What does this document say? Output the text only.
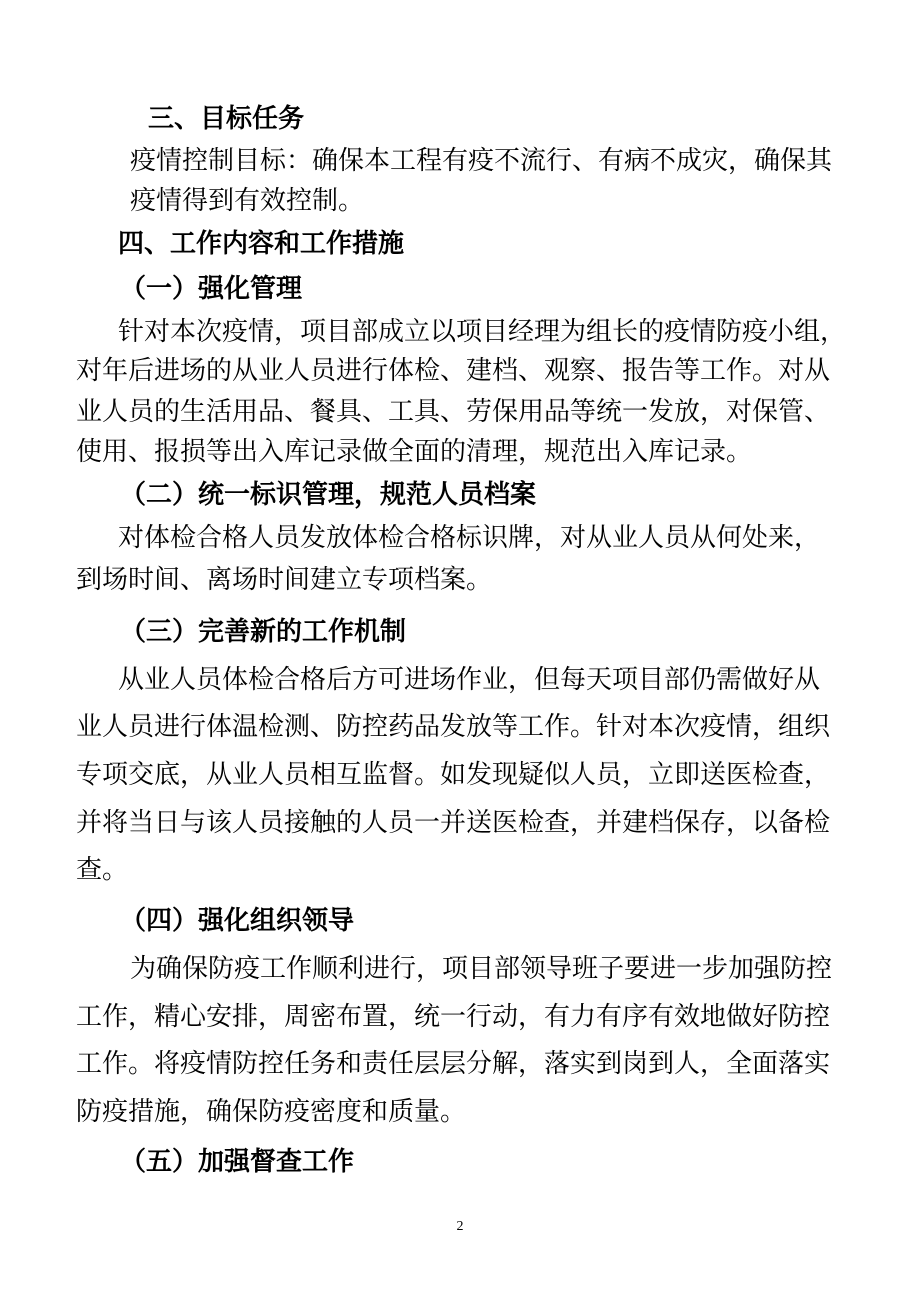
三、目标任务
疫情控制目标：确保本工程有疫不流行、有病不成灾，确保其
疫情得到有效控制。
四、工作内容和工作措施
（一）强化管理
针对本次疫情，项目部成立以项目经理为组长的疫情防疫小组，
对年后进场的从业人员进行体检、建档、观察、报告等工作。对从
业人员的生活用品、餐具、工具、劳保用品等统一发放，对保管、
使用、报损等出入库记录做全面的清理，规范出入库记录。
（二）统一标识管理，规范人员档案
对体检合格人员发放体检合格标识牌，对从业人员从何处来，
到场时间、离场时间建立专项档案。
（三）完善新的工作机制
从业人员体检合格后方可进场作业，但每天项目部仍需做好从
业人员进行体温检测、防控药品发放等工作。针对本次疫情，组织
专项交底，从业人员相互监督。如发现疑似人员，立即送医检查，
并将当日与该人员接触的人员一并送医检查，并建档保存，以备检
查。
（四）强化组织领导
为确保防疫工作顺利进行，项目部领导班子要进一步加强防控
工作，精心安排，周密布置，统一行动，有力有序有效地做好防控
工作。将疫情防控任务和责任层层分解，落实到岗到人，全面落实
防疫措施，确保防疫密度和质量。
（五）加强督查工作
2
